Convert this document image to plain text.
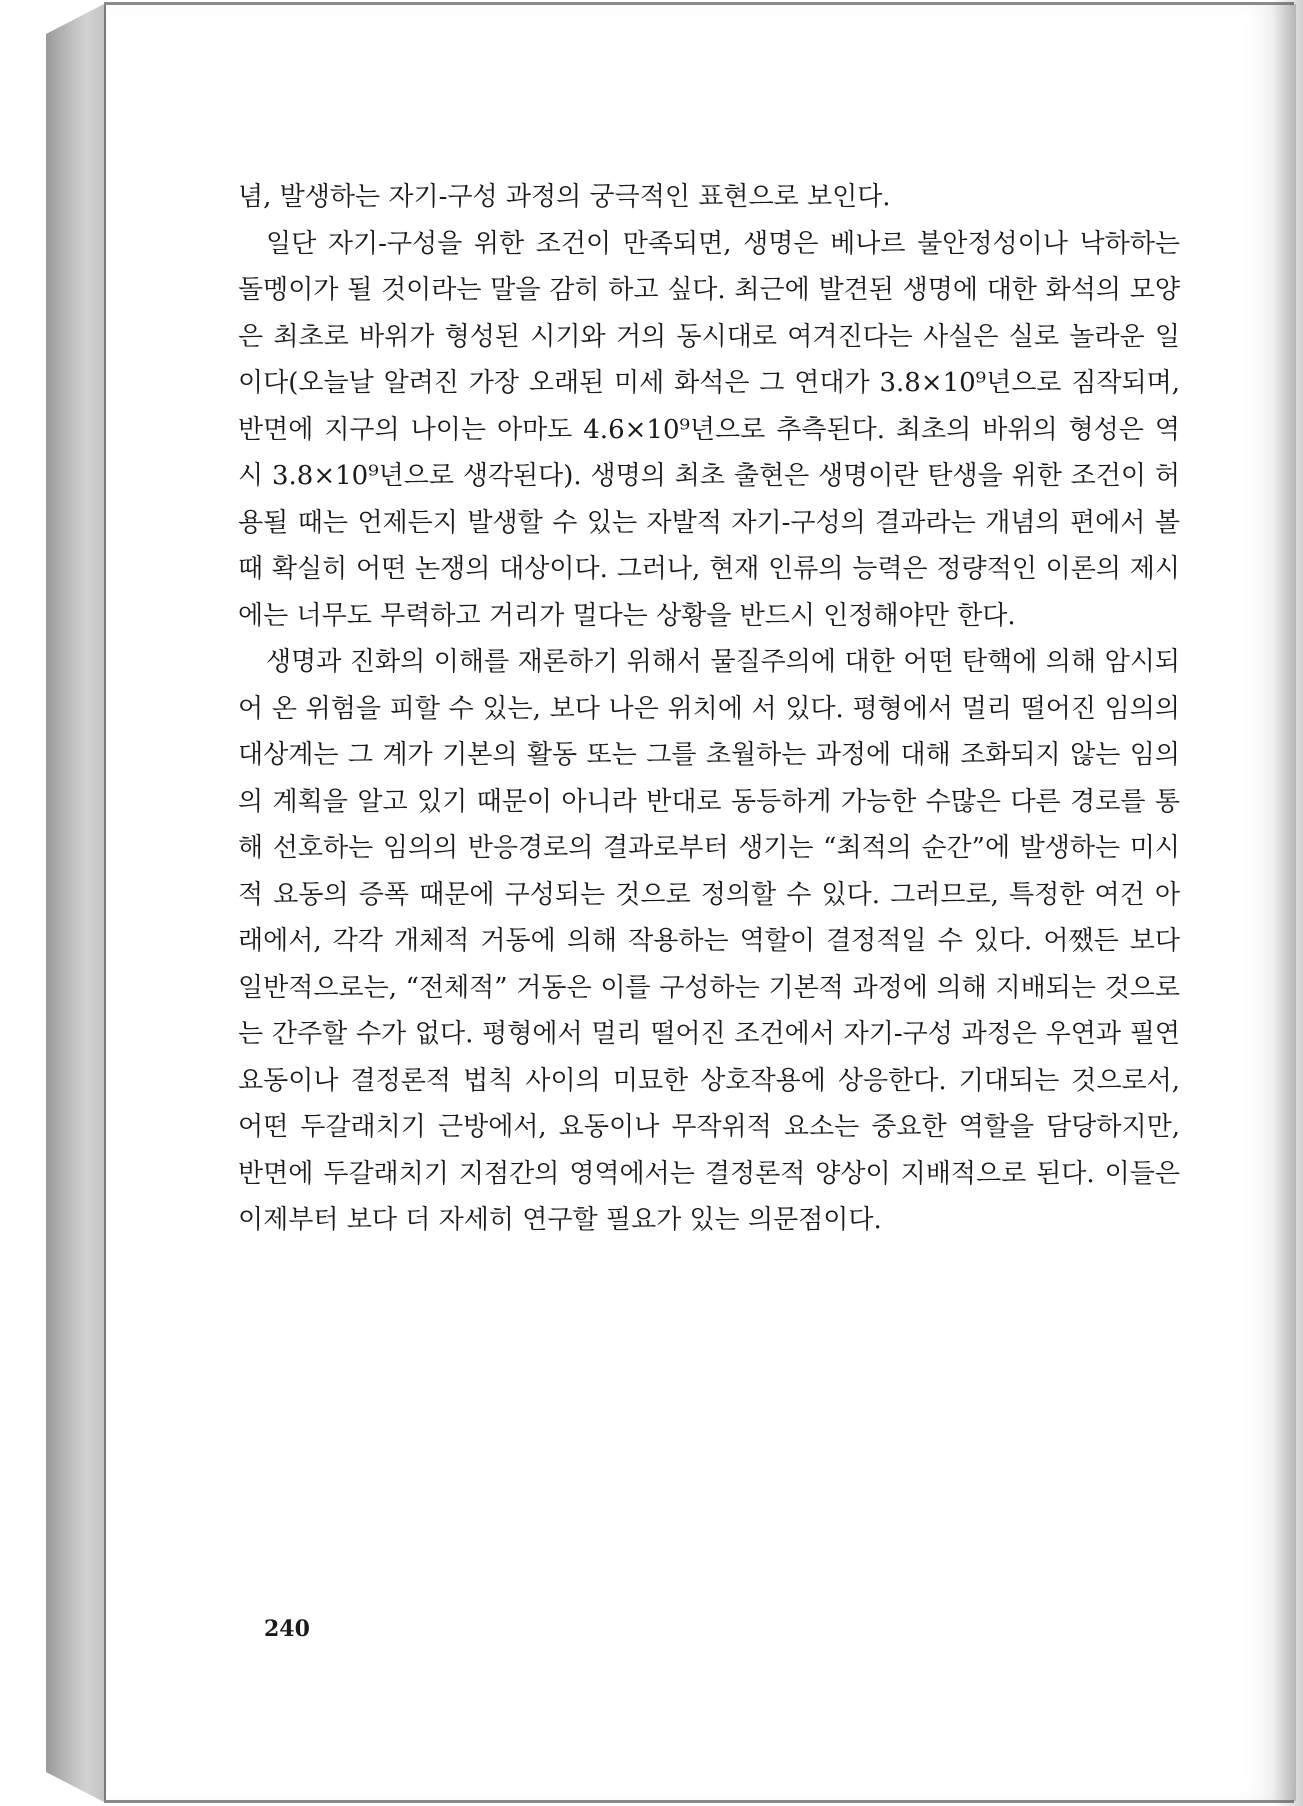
념, 발생하는 자기-구성 과정의 궁극적인 표현으로 보인다.

일단 자기-구성을 위한 조건이 만족되면, 생명은 베나르 불안정성이나 낙하하는 돌멩이가 될 것이라는 말을 감히 하고 싶다. 최근에 발견된 생명에 대한 화석의 모양은 최초로 바위가 형성된 시기와 거의 동시대로 여겨진다는 사실은 실로 놀라운 일이다(오늘날 알려진 가장 오래된 미세 화석은 그 연대가 3.8×10⁹년으로 짐작되며, 반면에 지구의 나이는 아마도 4.6×10⁹년으로 추측된다. 최초의 바위의 형성은 역시 3.8×10⁹년으로 생각된다). 생명의 최초 출현은 생명이란 탄생을 위한 조건이 허용될 때는 언제든지 발생할 수 있는 자발적 자기-구성의 결과라는 개념의 편에서 볼 때 확실히 어떤 논쟁의 대상이다. 그러나, 현재 인류의 능력은 정량적인 이론의 제시에는 너무도 무력하고 거리가 멀다는 상황을 반드시 인정해야만 한다.

생명과 진화의 이해를 재론하기 위해서 물질주의에 대한 어떤 탄핵에 의해 암시되어 온 위험을 피할 수 있는, 보다 나은 위치에 서 있다. 평형에서 멀리 떨어진 임의의 대상계는 그 계가 기본의 활동 또는 그를 초월하는 과정에 대해 조화되지 않는 임의의 계획을 알고 있기 때문이 아니라 반대로 동등하게 가능한 수많은 다른 경로를 통해 선호하는 임의의 반응경로의 결과로부터 생기는 “최적의 순간”에 발생하는 미시적 요동의 증폭 때문에 구성되는 것으로 정의할 수 있다. 그러므로, 특정한 여건 아래에서, 각각 개체적 거동에 의해 작용하는 역할이 결정적일 수 있다. 어쨌든 보다 일반적으로는, “전체적” 거동은 이를 구성하는 기본적 과정에 의해 지배되는 것으로는 간주할 수가 없다. 평형에서 멀리 떨어진 조건에서 자기-구성 과정은 우연과 필연 요동이나 결정론적 법칙 사이의 미묘한 상호작용에 상응한다. 기대되는 것으로서, 어떤 두갈래치기 근방에서, 요동이나 무작위적 요소는 중요한 역할을 담당하지만, 반면에 두갈래치기 지점간의 영역에서는 결정론적 양상이 지배적으로 된다. 이들은 이제부터 보다 더 자세히 연구할 필요가 있는 의문점이다.

240
